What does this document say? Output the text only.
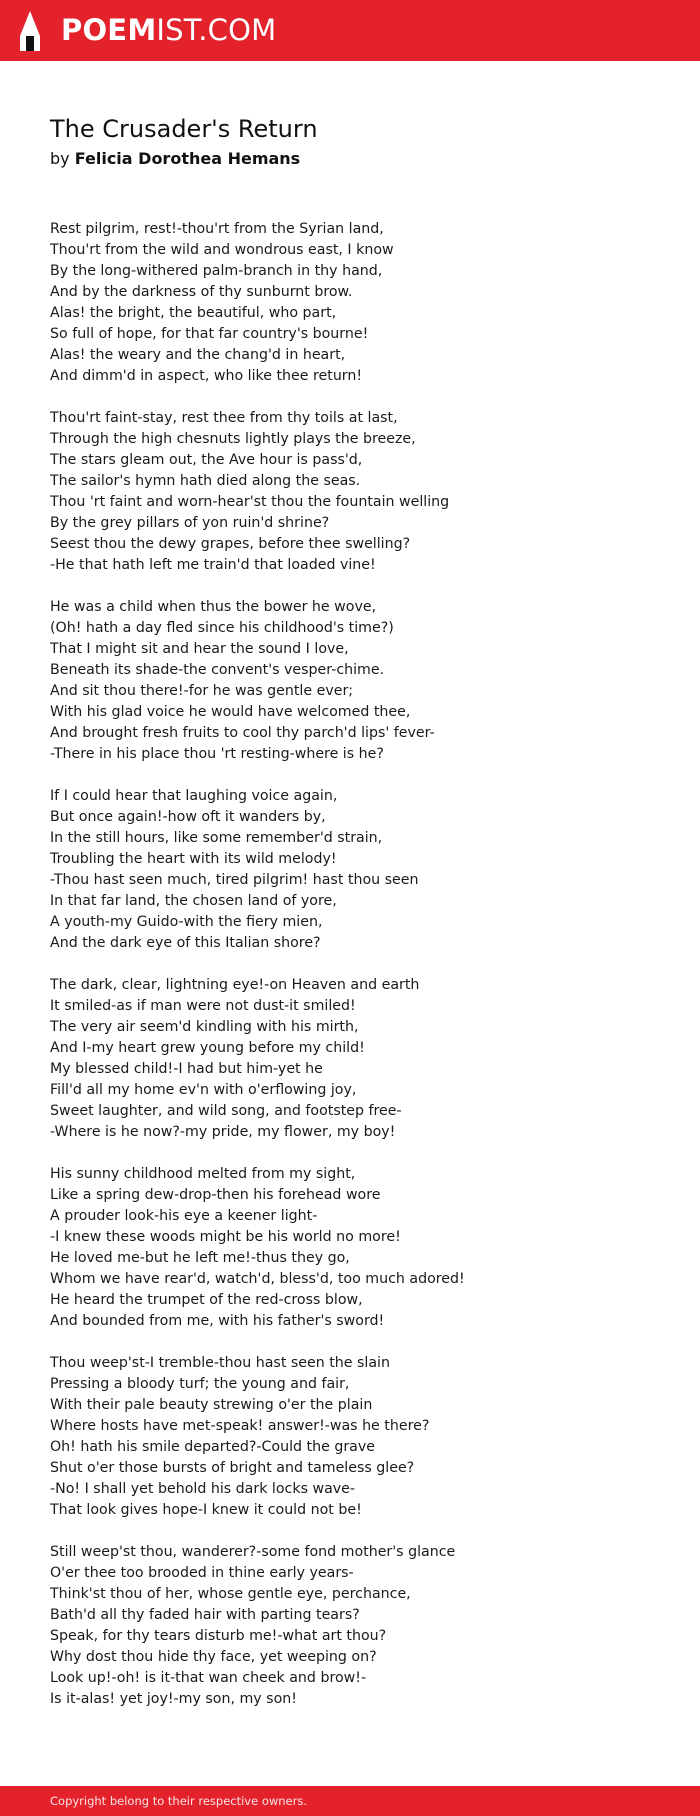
POEMIST.COM
The Crusader's Return
by Felicia Dorothea Hemans
Rest pilgrim, rest!-thou'rt from the Syrian land,
Thou'rt from the wild and wondrous east, I know
By the long-withered palm-branch in thy hand,
And by the darkness of thy sunburnt brow.
Alas! the bright, the beautiful, who part,
So full of hope, for that far country's bourne!
Alas! the weary and the chang'd in heart,
And dimm'd in aspect, who like thee return!
Thou'rt faint-stay, rest thee from thy toils at last,
Through the high chesnuts lightly plays the breeze,
The stars gleam out, the Ave hour is pass'd,
The sailor's hymn hath died along the seas.
Thou 'rt faint and worn-hear'st thou the fountain welling
By the grey pillars of yon ruin'd shrine?
Seest thou the dewy grapes, before thee swelling?
-He that hath left me train'd that loaded vine!
He was a child when thus the bower he wove,
(Oh! hath a day fled since his childhood's time?)
That I might sit and hear the sound I love,
Beneath its shade-the convent's vesper-chime.
And sit thou there!-for he was gentle ever;
With his glad voice he would have welcomed thee,
And brought fresh fruits to cool thy parch'd lips' fever-
-There in his place thou 'rt resting-where is he?
If I could hear that laughing voice again,
But once again!-how oft it wanders by,
In the still hours, like some remember'd strain,
Troubling the heart with its wild melody!
-Thou hast seen much, tired pilgrim! hast thou seen
In that far land, the chosen land of yore,
A youth-my Guido-with the fiery mien,
And the dark eye of this Italian shore?
The dark, clear, lightning eye!-on Heaven and earth
It smiled-as if man were not dust-it smiled!
The very air seem'd kindling with his mirth,
And I-my heart grew young before my child!
My blessed child!-I had but him-yet he
Fill'd all my home ev'n with o'erflowing joy,
Sweet laughter, and wild song, and footstep free-
-Where is he now?-my pride, my flower, my boy!
His sunny childhood melted from my sight,
Like a spring dew-drop-then his forehead wore
A prouder look-his eye a keener light-
-I knew these woods might be his world no more!
He loved me-but he left me!-thus they go,
Whom we have rear'd, watch'd, bless'd, too much adored!
He heard the trumpet of the red-cross blow,
And bounded from me, with his father's sword!
Thou weep'st-I tremble-thou hast seen the slain
Pressing a bloody turf; the young and fair,
With their pale beauty strewing o'er the plain
Where hosts have met-speak! answer!-was he there?
Oh! hath his smile departed?-Could the grave
Shut o'er those bursts of bright and tameless glee?
-No! I shall yet behold his dark locks wave-
That look gives hope-I knew it could not be!
Still weep'st thou, wanderer?-some fond mother's glance
O'er thee too brooded in thine early years-
Think'st thou of her, whose gentle eye, perchance,
Bath'd all thy faded hair with parting tears?
Speak, for thy tears disturb me!-what art thou?
Why dost thou hide thy face, yet weeping on?
Look up!-oh! is it-that wan cheek and brow!-
Is it-alas! yet joy!-my son, my son!
Copyright belong to their respective owners.
